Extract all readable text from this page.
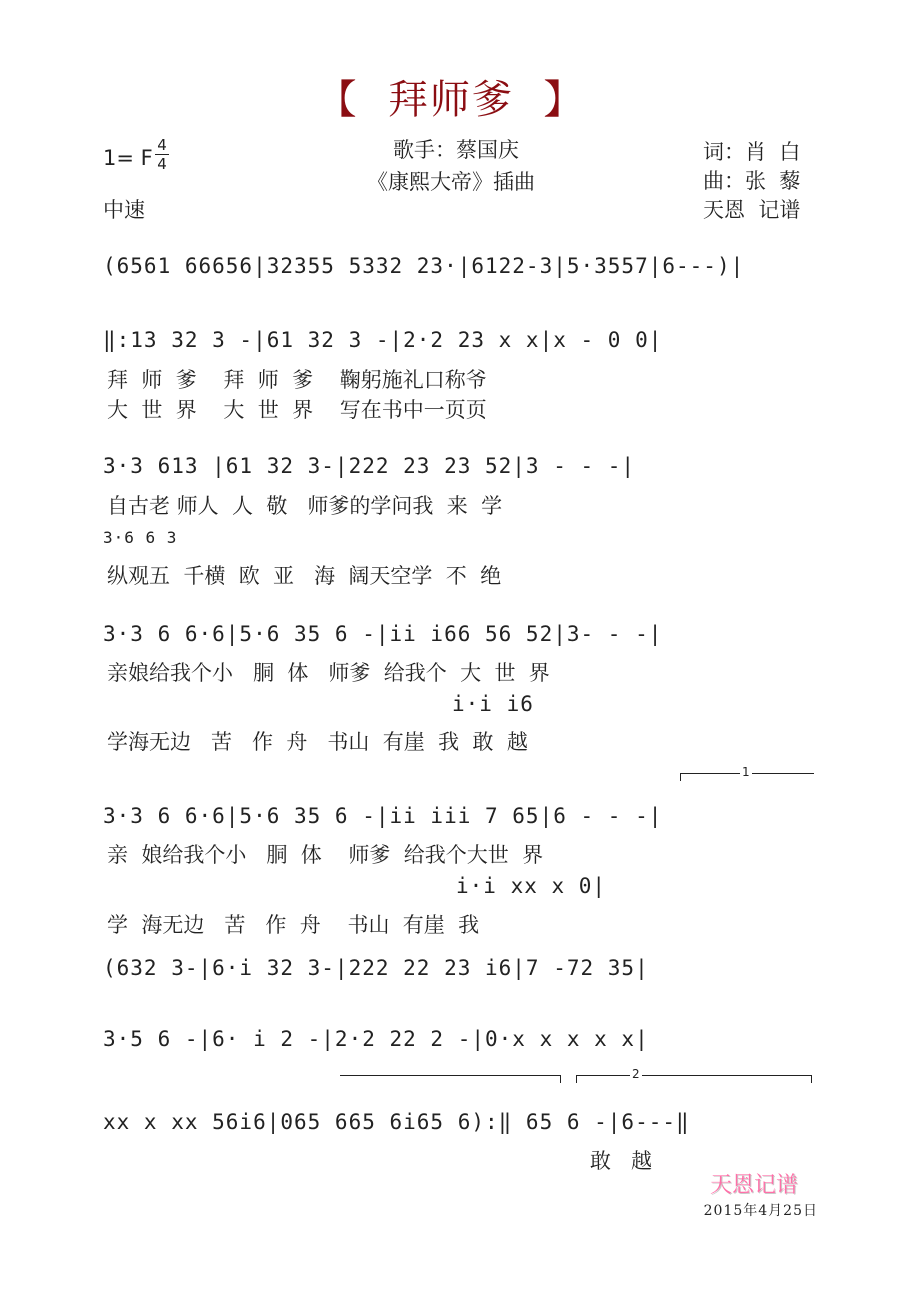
【  拜师爹  】
1= F
4
4
中速
歌手：蔡国庆
《康熙大帝》插曲
词：肖  白
曲：张  藜
天恩  记谱
(6561 66656|32355 5332 23·|6122-3|5·3557|6---)|
‖:13 32 3 -|61 32 3 -|2·2 23 x x|x - 0 0|
拜  师  爹    拜  师  爹    鞠躬施礼口称爷
大  世  界    大  世  界    写在书中一页页
3·3 613 |61 32 3-|222 23 23 52|3 - - -|
自古老 师人  人  敬   师爹的学问我  来  学
3·6 6 3
纵观五  千横  欧  亚   海  阔天空学  不  绝
3·3 6 6·6|5·6 35 6 -|ii i66 56 52|3- - -|
亲娘给我个小   胴  体   师爹  给我个  大  世  界
i·i i6
学海无边   苦   作  舟   书山  有崖  我  敢  越
1
3·3 6 6·6|5·6 35 6 -|ii iii 7 65|6 - - -|
亲  娘给我个小   胴  体    师爹  给我个大世  界
i·i xx x 0|
学  海无边   苦   作  舟    书山  有崖  我
(632 3-|6·i 32 3-|222 22 23 i6|7 -72 35|
3·5 6 -|6· i 2 -|2·2 22 2 -|0·x x x x x|
2
xx x xx 56i6|065 665 6i65 6):‖ 65 6 -|6---‖
敢   越
天恩记谱
2015年4月25日
